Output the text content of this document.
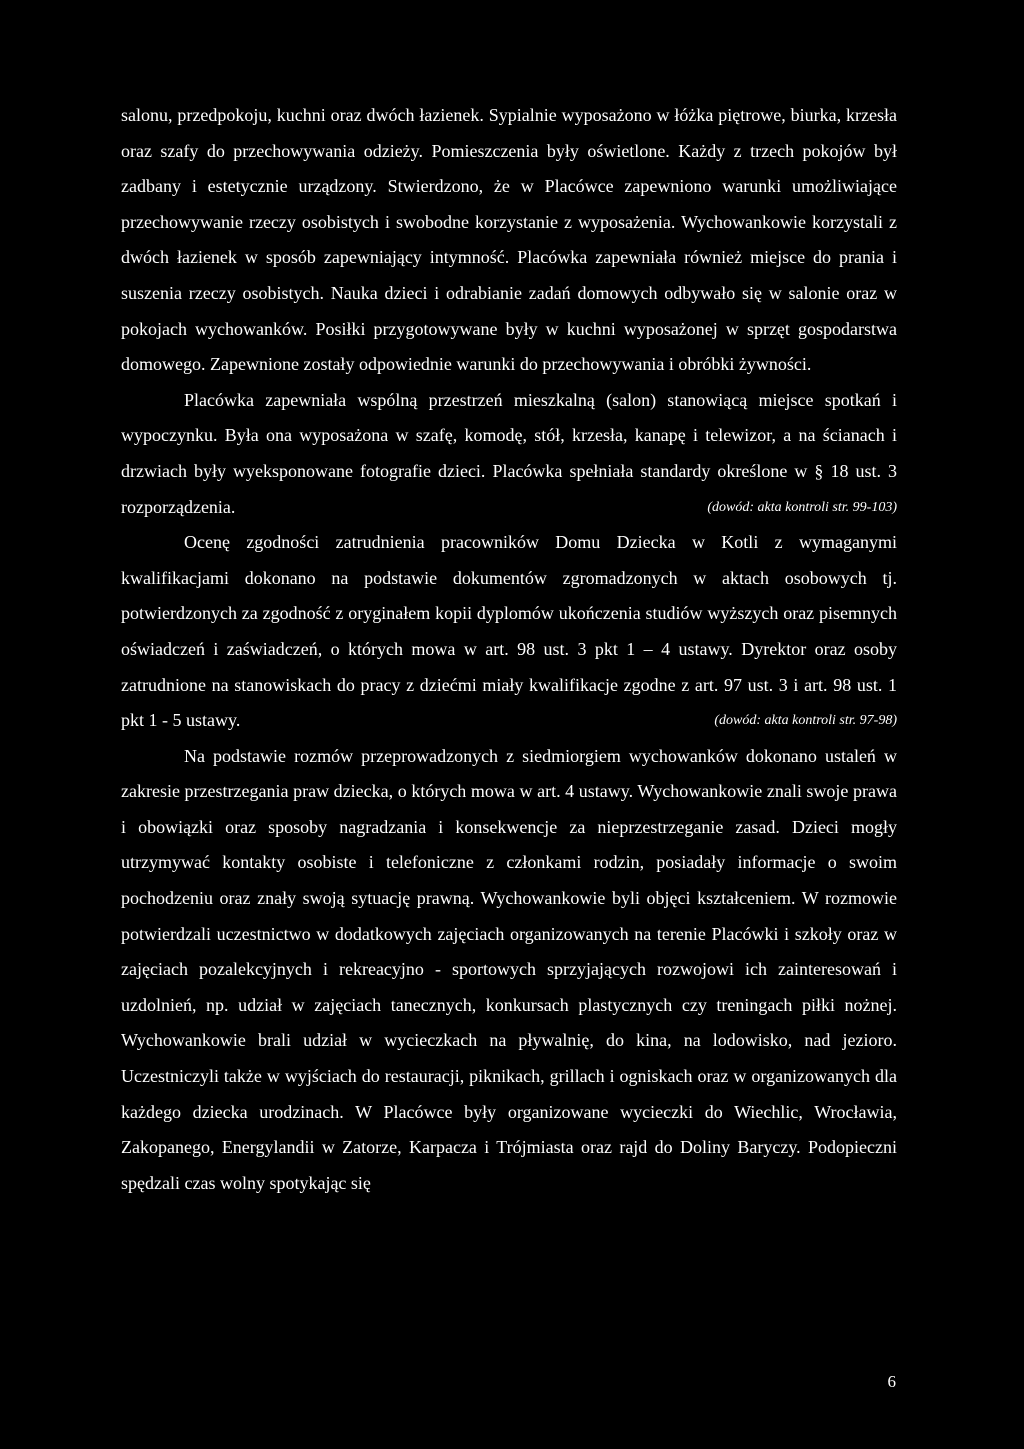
salonu, przedpokoju, kuchni oraz dwóch łazienek. Sypialnie wyposażono w łóżka piętrowe, biurka, krzesła oraz szafy do przechowywania odzieży. Pomieszczenia były oświetlone. Każdy z trzech pokojów był zadbany i estetycznie urządzony. Stwierdzono, że w Placówce zapewniono warunki umożliwiające przechowywanie rzeczy osobistych i swobodne korzystanie z wyposażenia. Wychowankowie korzystali z dwóch łazienek w sposób zapewniający intymność. Placówka zapewniała również miejsce do prania i suszenia rzeczy osobistych. Nauka dzieci i odrabianie zadań domowych odbywało się w salonie oraz w pokojach wychowanków. Posiłki przygotowywane były w kuchni wyposażonej w sprzęt gospodarstwa domowego. Zapewnione zostały odpowiednie warunki do przechowywania i obróbki żywności.

Placówka zapewniała wspólną przestrzeń mieszkalną (salon) stanowiącą miejsce spotkań i wypoczynku. Była ona wyposażona w szafę, komodę, stół, krzesła, kanapę i telewizor, a na ścianach i drzwiach były wyeksponowane fotografie dzieci. Placówka spełniała standardy określone w § 18 ust. 3 rozporządzenia.	(dowód: akta kontroli str. 99-103)

Ocenę zgodności zatrudnienia pracowników Domu Dziecka w Kotli z wymaganymi kwalifikacjami dokonano na podstawie dokumentów zgromadzonych w aktach osobowych tj. potwierdzonych za zgodność z oryginałem kopii dyplomów ukończenia studiów wyższych oraz pisemnych oświadczeń i zaświadczeń, o których mowa w art. 98 ust. 3 pkt 1 – 4 ustawy. Dyrektor oraz osoby zatrudnione na stanowiskach do pracy z dziećmi miały kwalifikacje zgodne z art. 97 ust. 3 i art. 98 ust. 1 pkt 1 - 5 ustawy.	(dowód: akta kontroli str. 97-98)

Na podstawie rozmów przeprowadzonych z siedmiorgiem wychowanków dokonano ustaleń w zakresie przestrzegania praw dziecka, o których mowa w art. 4 ustawy. Wychowankowie znali swoje prawa i obowiązki oraz sposoby nagradzania i konsekwencje za nieprzestrzeganie zasad. Dzieci mogły utrzymywać kontakty osobiste i telefoniczne z członkami rodzin, posiadały informacje o swoim pochodzeniu oraz znały swoją sytuację prawną. Wychowankowie byli objęci kształceniem. W rozmowie potwierdzali uczestnictwo w dodatkowych zajęciach organizowanych na terenie Placówki i szkoły oraz w zajęciach pozalekcyjnych i rekreacyjno - sportowych sprzyjających rozwojowi ich zainteresowań i uzdolnień, np. udział w zajęciach tanecznych, konkursach plastycznych czy treningach piłki nożnej. Wychowankowie brali udział w wycieczkach na pływalnię, do kina, na lodowisko, nad jezioro. Uczestniczyli także w wyjściach do restauracji, piknikach, grillach i ogniskach oraz w organizowanych dla każdego dziecka urodzinach. W Placówce były organizowane wycieczki do Wiechlic, Wrocławia, Zakopanego, Energylandii w Zatorze, Karpacza i Trójmiasta oraz rajd do Doliny Baryczy. Podopieczni spędzali czas wolny spotykając się

6
